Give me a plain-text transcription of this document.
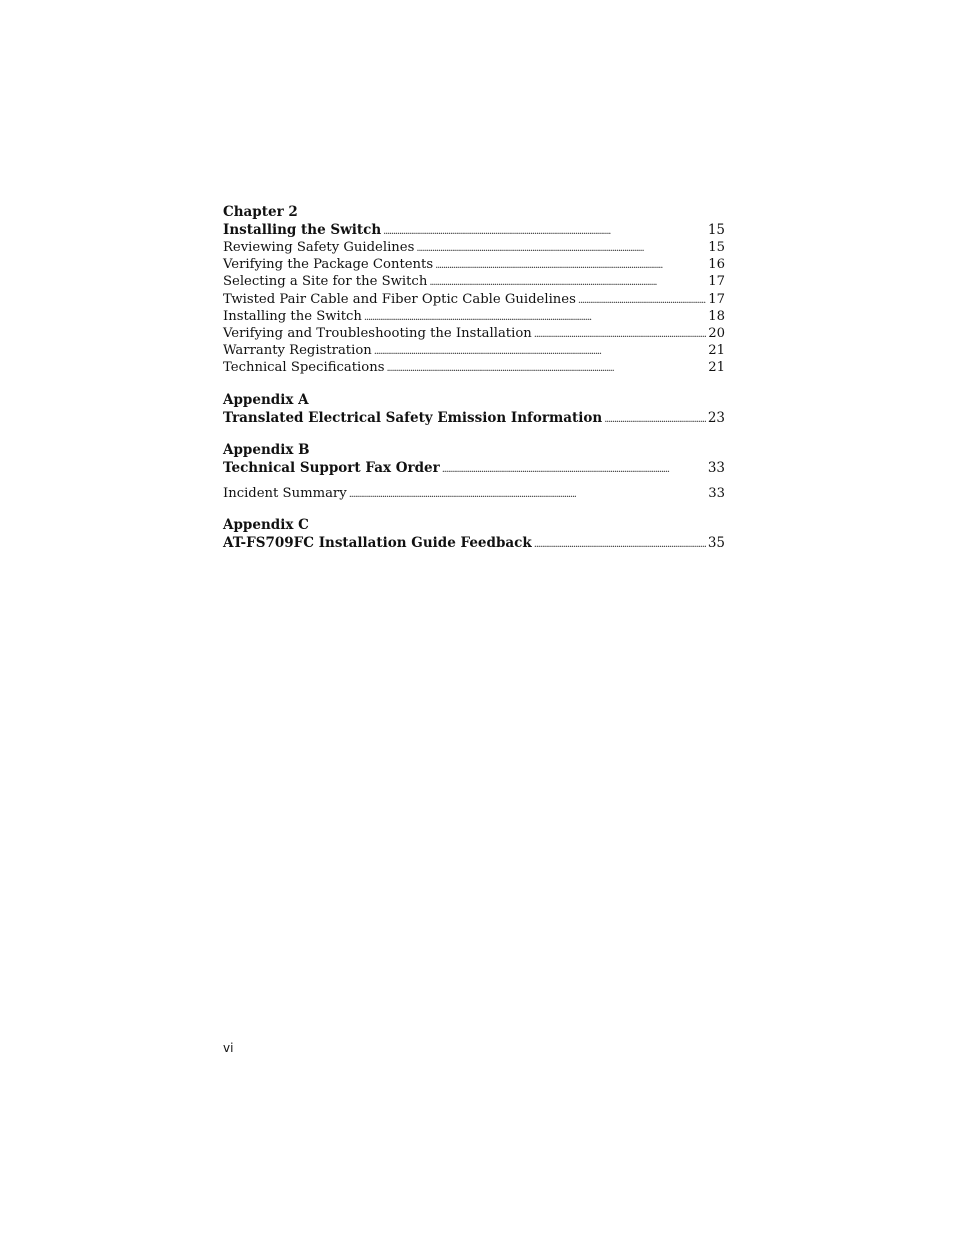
Chapter 2
Installing the Switch . . .	15
Reviewing Safety Guidelines . . .	15
Verifying the Package Contents . . .	16
Selecting a Site for the Switch . . .	17
Twisted Pair Cable and Fiber Optic Cable Guidelines . . .	17
Installing the Switch . . .	18
Verifying and Troubleshooting the Installation . . .	20
Warranty Registration . . .	21
Technical Specifications . . .	21
Appendix A
Translated Electrical Safety Emission Information . . .	23
Appendix B
Technical Support Fax Order . . .	33
Incident Summary . . .	33
Appendix C
AT-FS709FC Installation Guide Feedback . . .	35
vi
